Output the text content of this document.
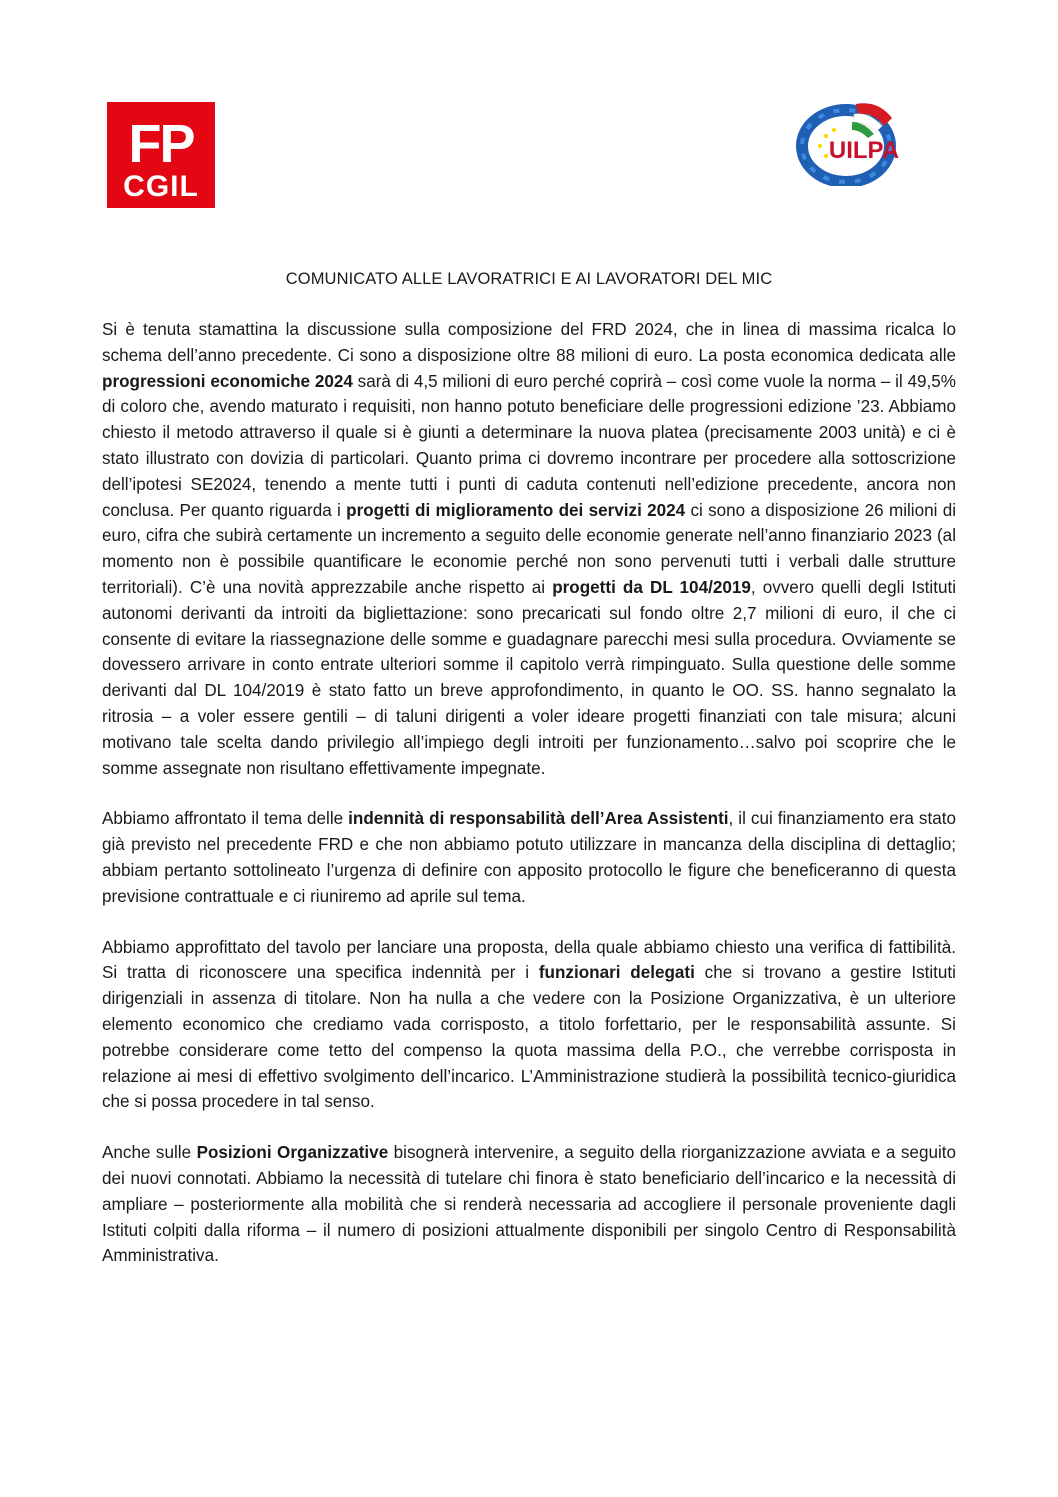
FP
CGIL
UILPA
COMUNICATO ALLE LAVORATRICI E AI LAVORATORI DEL MIC

Si è tenuta stamattina la discussione sulla composizione del FRD 2024, che in linea di massima ricalca lo schema dell’anno precedente. Ci sono a disposizione oltre 88 milioni di euro. La posta economica dedicata alle progressioni economiche 2024 sarà di 4,5 milioni di euro perché coprirà – così come vuole la norma – il 49,5% di coloro che, avendo maturato i requisiti, non hanno potuto beneficiare delle progressioni edizione ’23. Abbiamo chiesto il metodo attraverso il quale si è giunti a determinare la nuova platea (precisamente 2003 unità) e ci è stato illustrato con dovizia di particolari. Quanto prima ci dovremo incontrare per procedere alla sottoscrizione dell’ipotesi SE2024, tenendo a mente tutti i punti di caduta contenuti nell’edizione precedente, ancora non conclusa. Per quanto riguarda i progetti di miglioramento dei servizi 2024 ci sono a disposizione 26 milioni di euro, cifra che subirà certamente un incremento a seguito delle economie generate nell’anno finanziario 2023 (al momento non è possibile quantificare le economie perché non sono pervenuti tutti i verbali dalle strutture territoriali). C’è una novità apprezzabile anche rispetto ai progetti da DL 104/2019, ovvero quelli degli Istituti autonomi derivanti da introiti da bigliettazione: sono precaricati sul fondo oltre 2,7 milioni di euro, il che ci consente di evitare la riassegnazione delle somme e guadagnare parecchi mesi sulla procedura. Ovviamente se dovessero arrivare in conto entrate ulteriori somme il capitolo verrà rimpinguato. Sulla questione delle somme derivanti dal DL 104/2019 è stato fatto un breve approfondimento, in quanto le OO. SS. hanno segnalato la ritrosia – a voler essere gentili – di taluni dirigenti a voler ideare progetti finanziati con tale misura; alcuni motivano tale scelta dando privilegio all’impiego degli introiti per funzionamento…salvo poi scoprire che le somme assegnate non risultano effettivamente impegnate.

Abbiamo affrontato il tema delle indennità di responsabilità dell’Area Assistenti, il cui finanziamento era stato già previsto nel precedente FRD e che non abbiamo potuto utilizzare in mancanza della disciplina di dettaglio; abbiam pertanto sottolineato l’urgenza di definire con apposito protocollo le figure che beneficeranno di questa previsione contrattuale e ci riuniremo ad aprile sul tema.

Abbiamo approfittato del tavolo per lanciare una proposta, della quale abbiamo chiesto una verifica di fattibilità. Si tratta di riconoscere una specifica indennità per i funzionari delegati che si trovano a gestire Istituti dirigenziali in assenza di titolare. Non ha nulla a che vedere con la Posizione Organizzativa, è un ulteriore elemento economico che crediamo vada corrisposto, a titolo forfettario, per le responsabilità assunte. Si potrebbe considerare come tetto del compenso la quota massima della P.O., che verrebbe corrisposta in relazione ai mesi di effettivo svolgimento dell’incarico. L’Amministrazione studierà la possibilità tecnico-giuridica che si possa procedere in tal senso.

Anche sulle Posizioni Organizzative bisognerà intervenire, a seguito della riorganizzazione avviata e a seguito dei nuovi connotati. Abbiamo la necessità di tutelare chi finora è stato beneficiario dell’incarico e la necessità di ampliare – posteriormente alla mobilità che si renderà necessaria ad accogliere il personale proveniente dagli Istituti colpiti dalla riforma – il numero di posizioni attualmente disponibili per singolo Centro di Responsabilità Amministrativa.
